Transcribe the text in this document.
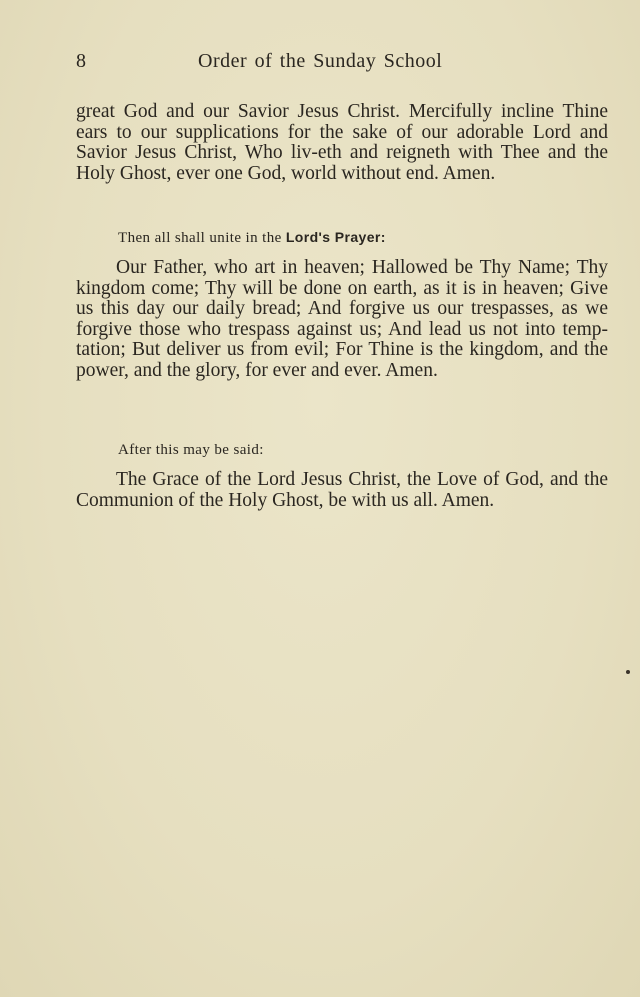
8	Order of the Sunday School

great God and our Savior Jesus Christ. Mercifully incline Thine ears to our supplications for the sake of our adorable Lord and Savior Jesus Christ, Who liv-eth and reigneth with Thee and the Holy Ghost, ever one God, world without end. Amen.

Then all shall unite in the Lord's Prayer:

Our Father, who art in heaven; Hallowed be Thy Name; Thy kingdom come; Thy will be done on earth, as it is in heaven; Give us this day our daily bread; And forgive us our trespasses, as we forgive those who trespass against us; And lead us not into temp-tation; But deliver us from evil; For Thine is the kingdom, and the power, and the glory, for ever and ever. Amen.

After this may be said:

The Grace of the Lord Jesus Christ, the Love of God, and the Communion of the Holy Ghost, be with us all. Amen.
